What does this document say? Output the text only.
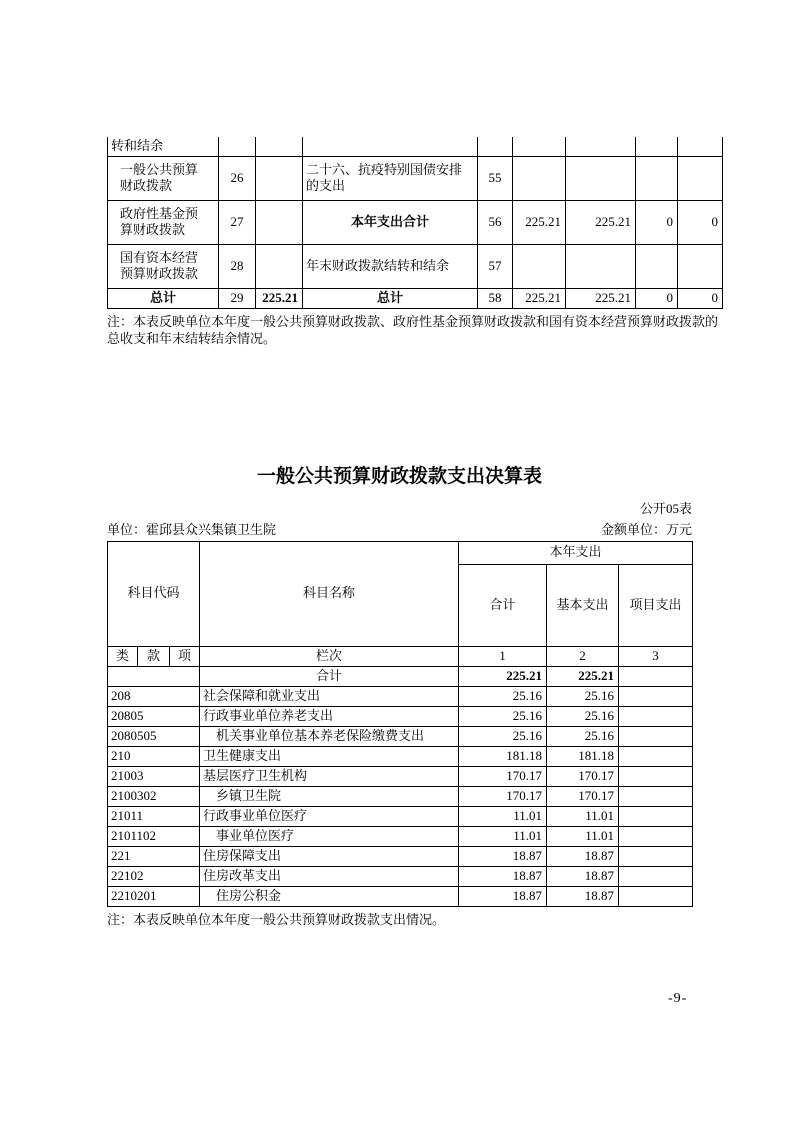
转和结余								
一般公共预算财政拨款	26		二十六、抗疫特别国债安排的支出	55				
政府性基金预算财政拨款	27		本年支出合计	56	225.21	225.21	0	0
国有资本经营预算财政拨款	28		年末财政拨款结转和结余	57				
总计	29	225.21	总计	58	225.21	225.21	0	0

注：本表反映单位本年度一般公共预算财政拨款、政府性基金预算财政拨款和国有资本经营预算财政拨款的总收支和年末结转结余情况。

一般公共预算财政拨款支出决算表
公开05表
单位：霍邱县众兴集镇卫生院	金额单位：万元
科目代码			科目名称	本年支出		
				合计	基本支出	项目支出
类	款	项	栏次	1	2	3
			合计	225.21	225.21	
208			社会保障和就业支出	25.16	25.16	
20805			行政事业单位养老支出	25.16	25.16	
2080505			机关事业单位基本养老保险缴费支出	25.16	25.16	
210			卫生健康支出	181.18	181.18	
21003			基层医疗卫生机构	170.17	170.17	
2100302			乡镇卫生院	170.17	170.17	
21011			行政事业单位医疗	11.01	11.01	
2101102			事业单位医疗	11.01	11.01	
221			住房保障支出	18.87	18.87	
22102			住房改革支出	18.87	18.87	
2210201			住房公积金	18.87	18.87	

注：本表反映单位本年度一般公共预算财政拨款支出情况。

-9-
